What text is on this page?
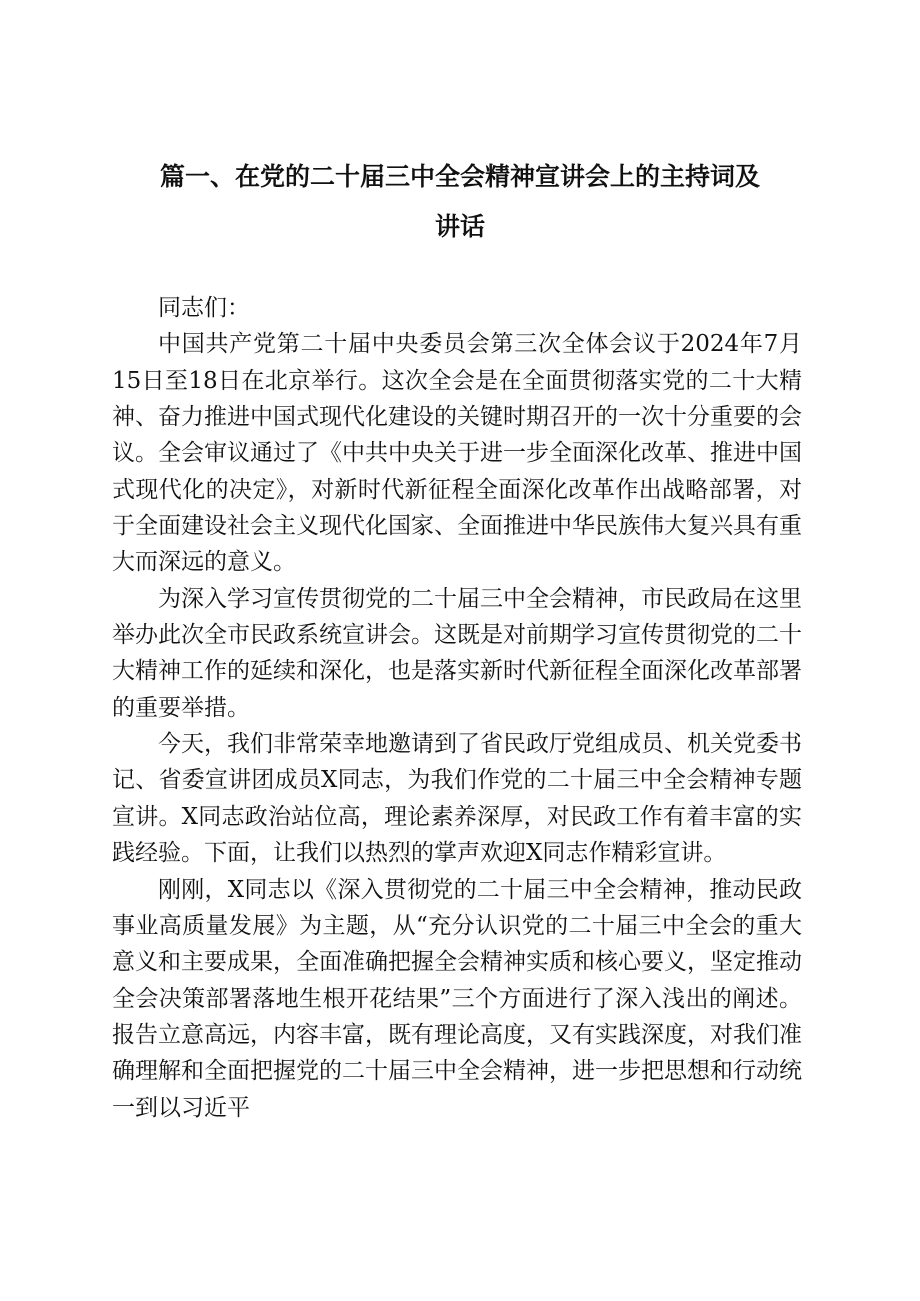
篇一、在党的二十届三中全会精神宣讲会上的主持词及讲话

同志们：

中国共产党第二十届中央委员会第三次全体会议于2024年7月15日至18日在北京举行。这次全会是在全面贯彻落实党的二十大精神、奋力推进中国式现代化建设的关键时期召开的一次十分重要的会议。全会审议通过了《中共中央关于进一步全面深化改革、推进中国式现代化的决定》，对新时代新征程全面深化改革作出战略部署，对于全面建设社会主义现代化国家、全面推进中华民族伟大复兴具有重大而深远的意义。

为深入学习宣传贯彻党的二十届三中全会精神，市民政局在这里举办此次全市民政系统宣讲会。这既是对前期学习宣传贯彻党的二十大精神工作的延续和深化，也是落实新时代新征程全面深化改革部署的重要举措。

今天，我们非常荣幸地邀请到了省民政厅党组成员、机关党委书记、省委宣讲团成员X同志，为我们作党的二十届三中全会精神专题宣讲。X同志政治站位高，理论素养深厚，对民政工作有着丰富的实践经验。下面，让我们以热烈的掌声欢迎X同志作精彩宣讲。

刚刚，X同志以《深入贯彻党的二十届三中全会精神，推动民政事业高质量发展》为主题，从“充分认识党的二十届三中全会的重大意义和主要成果，全面准确把握全会精神实质和核心要义，坚定推动全会决策部署落地生根开花结果”三个方面进行了深入浅出的阐述。报告立意高远，内容丰富，既有理论高度，又有实践深度，对我们准确理解和全面把握党的二十届三中全会精神，进一步把思想和行动统一到以习近平
